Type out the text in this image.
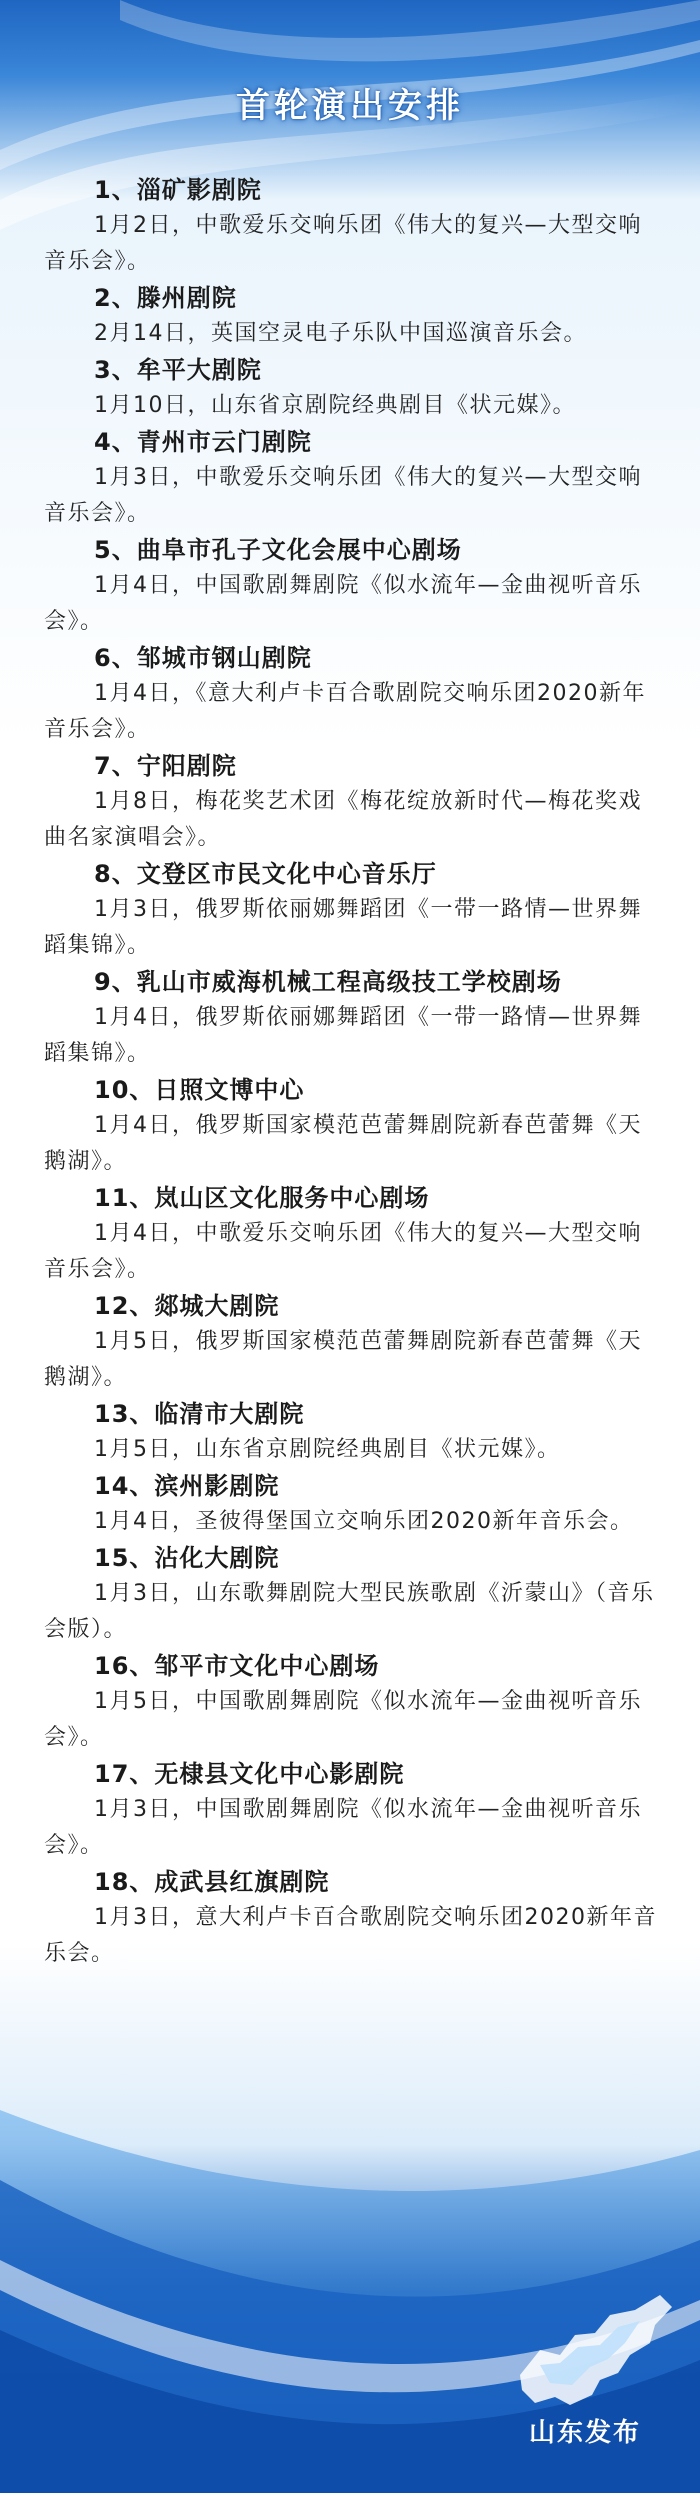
首轮演出安排
1、淄矿影剧院
1月2日，中歌爱乐交响乐团《伟大的复兴—大型交响音乐会》。
2、滕州剧院
2月14日，英国空灵电子乐队中国巡演音乐会。
3、牟平大剧院
1月10日，山东省京剧院经典剧目《状元媒》。
4、青州市云门剧院
1月3日，中歌爱乐交响乐团《伟大的复兴—大型交响音乐会》。
5、曲阜市孔子文化会展中心剧场
1月4日，中国歌剧舞剧院《似水流年—金曲视听音乐会》。
6、邹城市钢山剧院
1月4日，《意大利卢卡百合歌剧院交响乐团2020新年音乐会》。
7、宁阳剧院
1月8日，梅花奖艺术团《梅花绽放新时代—梅花奖戏曲名家演唱会》。
8、文登区市民文化中心音乐厅
1月3日，俄罗斯依丽娜舞蹈团《一带一路情—世界舞蹈集锦》。
9、乳山市威海机械工程高级技工学校剧场
1月4日，俄罗斯依丽娜舞蹈团《一带一路情—世界舞蹈集锦》。
10、日照文博中心
1月4日，俄罗斯国家模范芭蕾舞剧院新春芭蕾舞《天鹅湖》。
11、岚山区文化服务中心剧场
1月4日，中歌爱乐交响乐团《伟大的复兴—大型交响音乐会》。
12、郯城大剧院
1月5日，俄罗斯国家模范芭蕾舞剧院新春芭蕾舞《天鹅湖》。
13、临清市大剧院
1月5日，山东省京剧院经典剧目《状元媒》。
14、滨州影剧院
1月4日，圣彼得堡国立交响乐团2020新年音乐会。
15、沾化大剧院
1月3日，山东歌舞剧院大型民族歌剧《沂蒙山》（音乐会版）。
16、邹平市文化中心剧场
1月5日，中国歌剧舞剧院《似水流年—金曲视听音乐会》。
17、无棣县文化中心影剧院
1月3日，中国歌剧舞剧院《似水流年—金曲视听音乐会》。
18、成武县红旗剧院
1月3日，意大利卢卡百合歌剧院交响乐团2020新年音乐会。
山东发布
